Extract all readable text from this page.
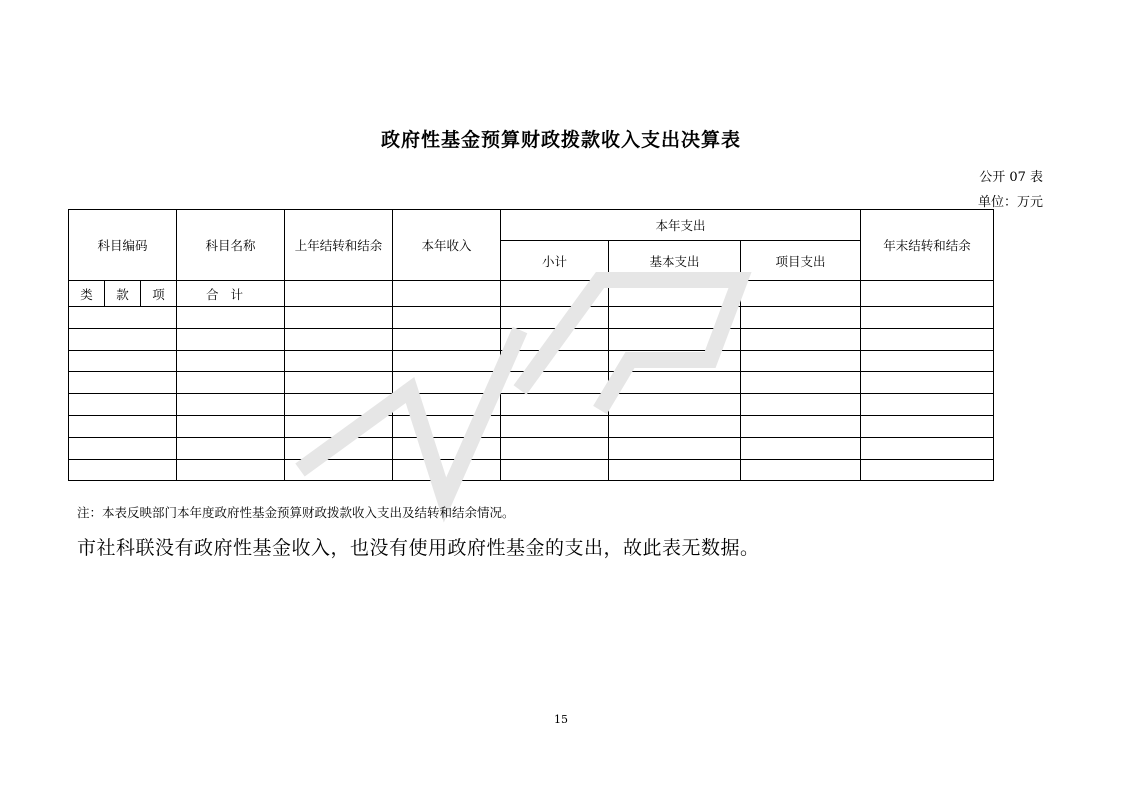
政府性基金预算财政拨款收入支出决算表
公开 07 表
单位：万元
科目编码	科目名称	上年结转和结余	本年收入	本年支出			年末结转和结余
				小计	基本支出	项目支出	

类 款 项	合计						

注：本表反映部门本年度政府性基金预算财政拨款收入支出及结转和结余情况。
市社科联没有政府性基金收入，也没有使用政府性基金的支出，故此表无数据。
15
